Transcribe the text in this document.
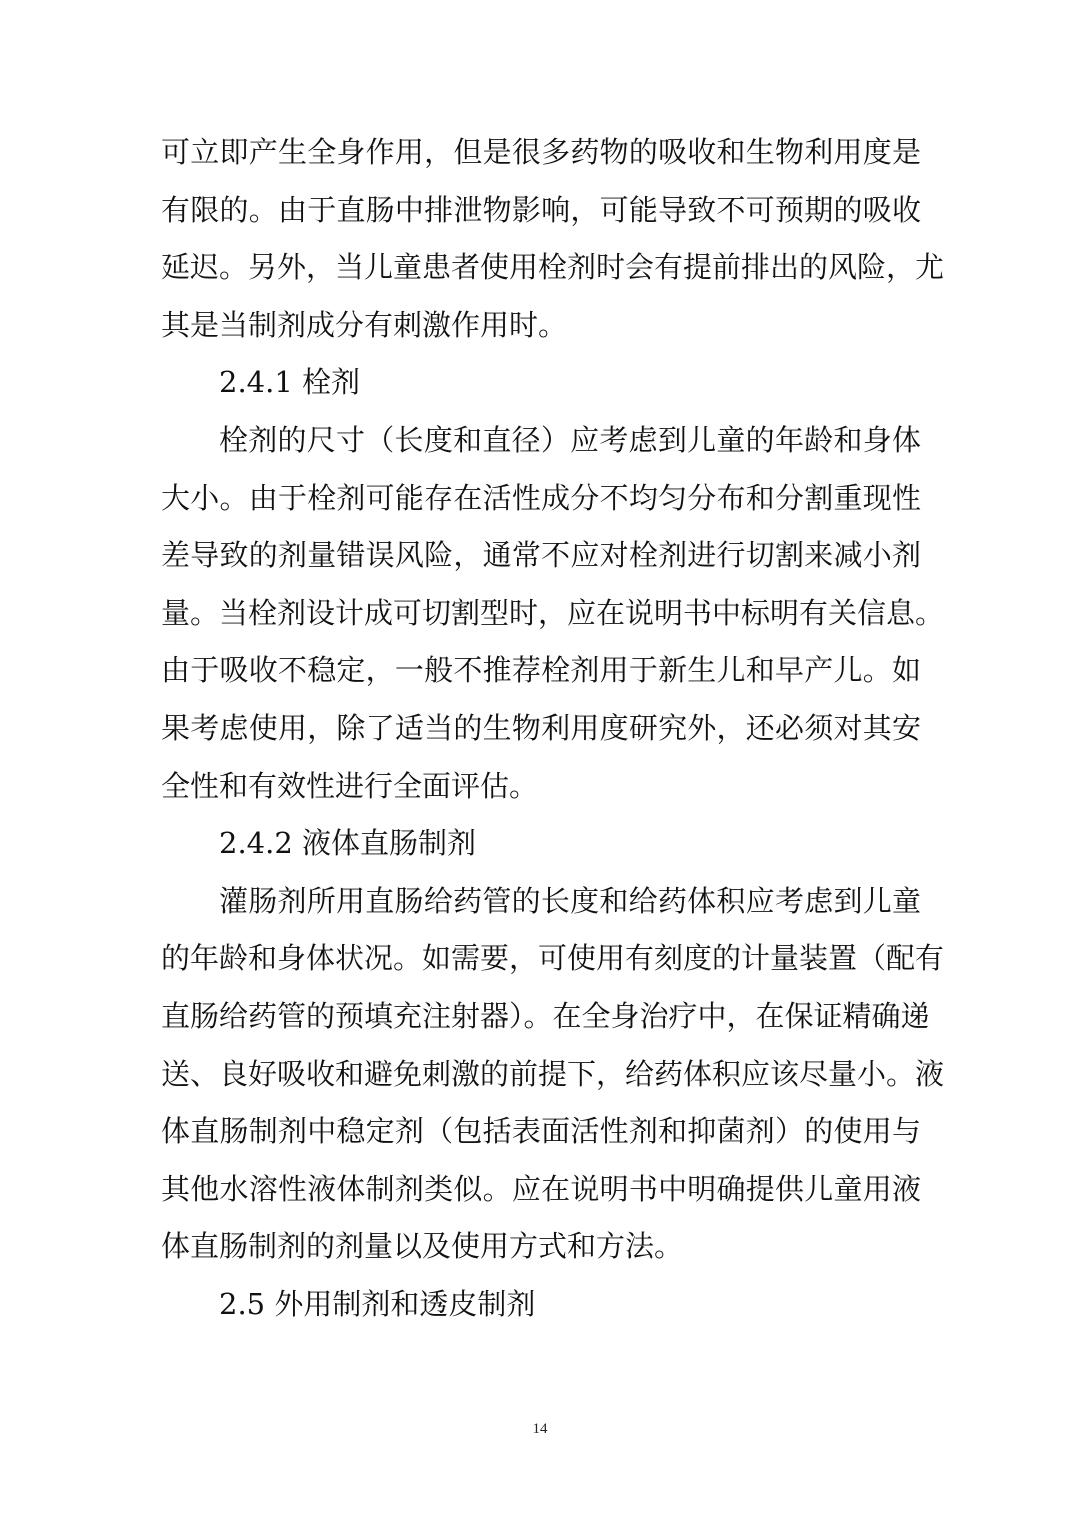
可立即产生全身作用，但是很多药物的吸收和生物利用度是
有限的。由于直肠中排泄物影响，可能导致不可预期的吸收
延迟。另外，当儿童患者使用栓剂时会有提前排出的风险，尤
其是当制剂成分有刺激作用时。
2.4.1 栓剂
栓剂的尺寸（长度和直径）应考虑到儿童的年龄和身体
大小。由于栓剂可能存在活性成分不均匀分布和分割重现性
差导致的剂量错误风险，通常不应对栓剂进行切割来减小剂
量。当栓剂设计成可切割型时，应在说明书中标明有关信息。
由于吸收不稳定，一般不推荐栓剂用于新生儿和早产儿。如
果考虑使用，除了适当的生物利用度研究外，还必须对其安
全性和有效性进行全面评估。
2.4.2 液体直肠制剂
灌肠剂所用直肠给药管的长度和给药体积应考虑到儿童
的年龄和身体状况。如需要，可使用有刻度的计量装置（配有
直肠给药管的预填充注射器）。在全身治疗中，在保证精确递
送、良好吸收和避免刺激的前提下，给药体积应该尽量小。液
体直肠制剂中稳定剂（包括表面活性剂和抑菌剂）的使用与
其他水溶性液体制剂类似。应在说明书中明确提供儿童用液
体直肠制剂的剂量以及使用方式和方法。
2.5 外用制剂和透皮制剂
14
